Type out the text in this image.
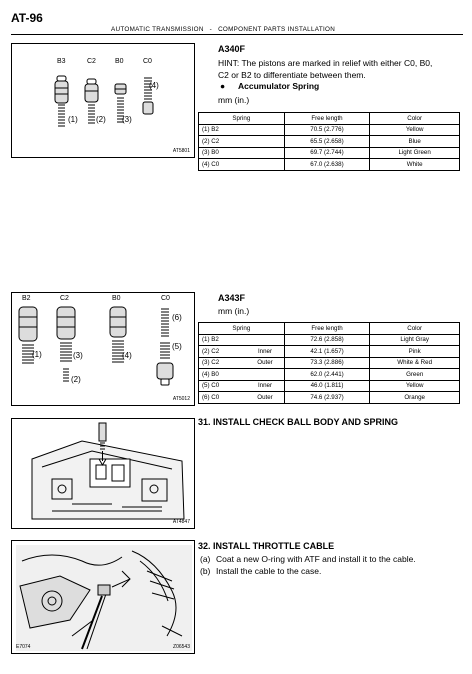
AT-96
AUTOMATIC TRANSMISSION - COMPONENT PARTS INSTALLATION
B3	C2	B0	C0
(1) (2) (3)
(4)
AT5801
A340F
HINT: The pistons are marked in relief with either C0, B0,
C2 or B2 to differentiate between them.
● Accumulator Spring
mm (in.)
Spring	Free length	Color
(1) B2	70.5 (2.776)	Yellow
(2) C2	65.5 (2.658)	Blue
(3) B0	69.7 (2.744)	Light Green
(4) C0	67.0 (2.638)	White
B2	C2	B0	C0
(1)
(2)
(3)	(4)
(5)
(6)
AT5012
A343F
mm (in.)
Spring		Free length	Color
(1) B2		72.6 (2.858)	Light Gray
(2) C2	Inner	42.1 (1.657)	Pink
(3) C2	Outer	73.3 (2.886)	White & Red
(4) B0		62.0 (2.441)	Green
(5) C0	Inner	46.0 (1.811)	Yellow
(6) C0	Outer	74.6 (2.937)	Orange
AT4847
31. INSTALL CHECK BALL BODY AND SPRING
E7074	Z06543
32. INSTALL THROTTLE CABLE
(a) Coat a new O-ring with ATF and install it to the cable.
(b) Install the cable to the case.
